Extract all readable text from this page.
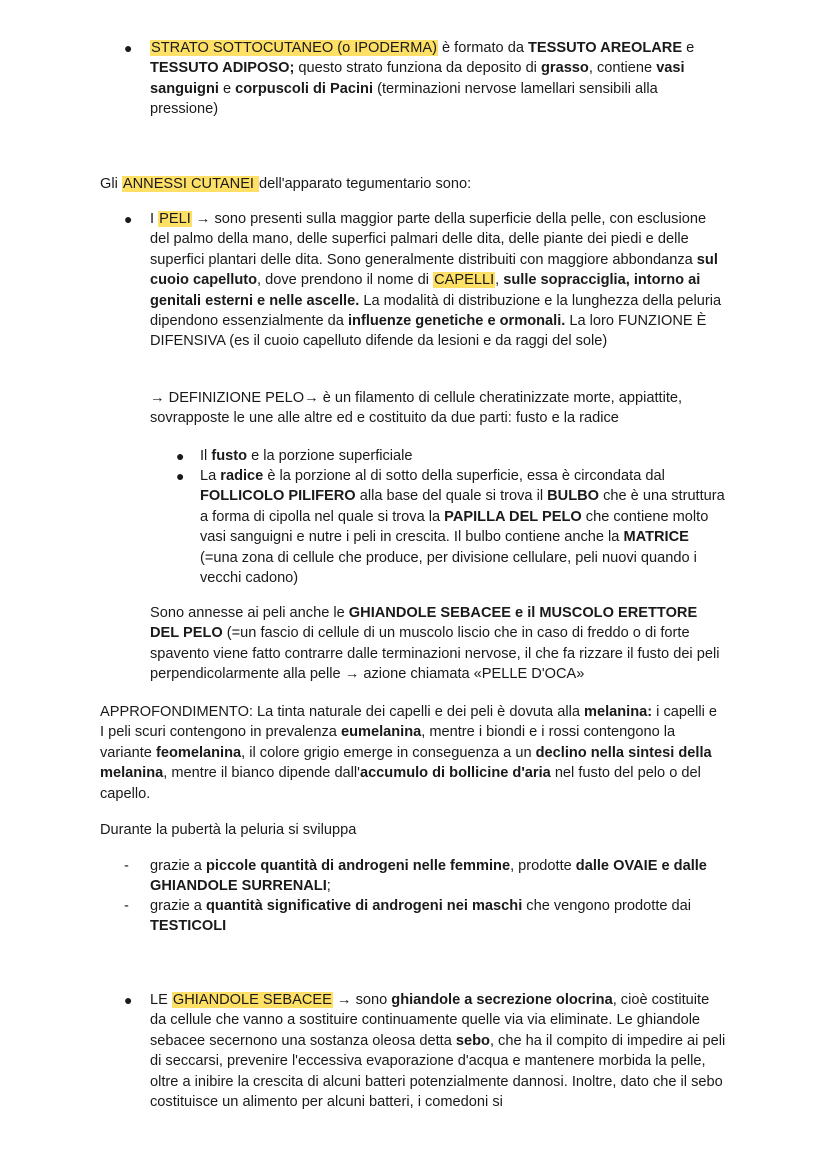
● STRATO SOTTOCUTANEO (o IPODERMA) è formato da TESSUTO AREOLARE e TESSUTO ADIPOSO; questo strato funziona da deposito di grasso, contiene vasi sanguigni e corpuscoli di Pacini (terminazioni nervose lamellari sensibili alla pressione)

Gli ANNESSI CUTANEI dell'apparato tegumentario sono:

● I PELI → sono presenti sulla maggior parte della superficie della pelle, con esclusione del palmo della mano, delle superfici palmari delle dita, delle piante dei piedi e delle superfici plantari delle dita. Sono generalmente distribuiti con maggiore abbondanza sul cuoio capelluto, dove prendono il nome di CAPELLI, sulle sopracciglia, intorno ai genitali esterni e nelle ascelle. La modalità di distribuzione e la lunghezza della peluria dipendono essenzialmente da influenze genetiche e ormonali. La loro FUNZIONE È DIFENSIVA (es il cuoio capelluto difende da lesioni e da raggi del sole)

→ DEFINIZIONE PELO→ è un filamento di cellule cheratinizzate morte, appiattite, sovrapposte le une alle altre ed e costituito da due parti: fusto e la radice

● Il fusto e la porzione superficiale

● La radice è la porzione al di sotto della superficie, essa è circondata dal FOLLICOLO PILIFERO alla base del quale si trova il BULBO che è una struttura a forma di cipolla nel quale si trova la PAPILLA DEL PELO che contiene molto vasi sanguigni e nutre i peli in crescita. Il bulbo contiene anche la MATRICE (=una zona di cellule che produce, per divisione cellulare, peli nuovi quando i vecchi cadono)

Sono annesse ai peli anche le GHIANDOLE SEBACEE e il MUSCOLO ERETTORE DEL PELO (=un fascio di cellule di un muscolo liscio che in caso di freddo o di forte spavento viene fatto contrarre dalle terminazioni nervose, il che fa rizzare il fusto dei peli perpendicolarmente alla pelle → azione chiamata «PELLE D'OCA»

APPROFONDIMENTO: La tinta naturale dei capelli e dei peli è dovuta alla melanina: i capelli e I peli scuri contengono in prevalenza eumelanina, mentre i biondi e i rossi contengono la variante feomelanina, il colore grigio emerge in conseguenza a un declino nella sintesi della melanina, mentre il bianco dipende dall'accumulo di bollicine d'aria nel fusto del pelo o del capello.

Durante la pubertà la peluria si sviluppa

- grazie a piccole quantità di androgeni nelle femmine, prodotte dalle OVAIE e dalle GHIANDOLE SURRENALI;

- grazie a quantità significative di androgeni nei maschi che vengono prodotte dai TESTICOLI

● LE GHIANDOLE SEBACEE → sono ghiandole a secrezione olocrina, cioè costituite da cellule che vanno a sostituire continuamente quelle via via eliminate. Le ghiandole sebacee secernono una sostanza oleosa detta sebo, che ha il compito di impedire ai peli di seccarsi, prevenire l'eccessiva evaporazione d'acqua e mantenere morbida la pelle, oltre a inibire la crescita di alcuni batteri potenzialmente dannosi. Inoltre, dato che il sebo costituisce un alimento per alcuni batteri, i comedoni si
